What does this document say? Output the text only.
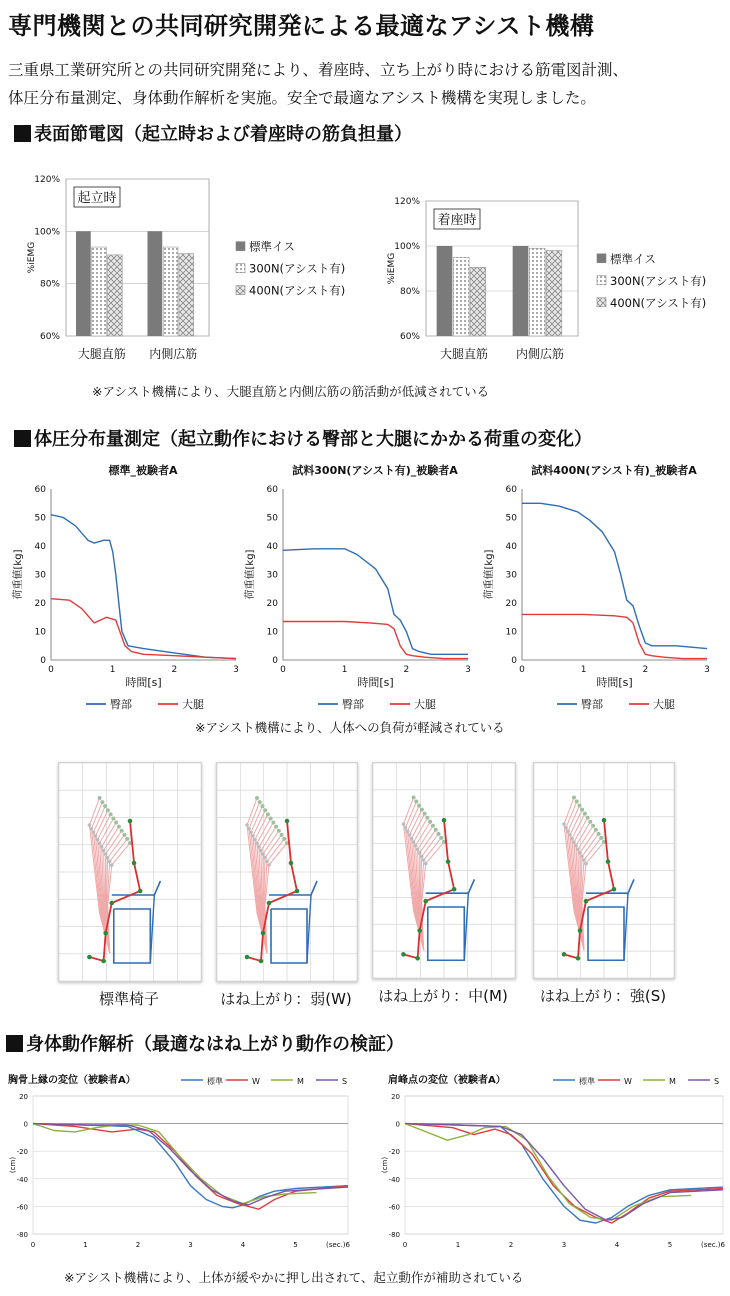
専門機関との共同研究開発による最適なアシスト機構
三重県工業研究所との共同研究開発により、着座時、立ち上がり時における筋電図計測、
体圧分布量測定、身体動作解析を実施。安全で最適なアシスト機構を実現しました。
表面節電図（起立時および着座時の筋負担量）
60%
80%
100%
120%
%iEMG
起立時
大腿直筋 内側広筋
標準イス
300N(アシスト有)
400N(アシスト有)
60%
80%
100%
120%
%iEMG
着座時
大腿直筋 内側広筋
標準イス
300N(アシスト有)
400N(アシスト有)
※アシスト機構により、大腿直筋と内側広筋の筋活動が低減されている
体圧分布量測定（起立動作における臀部と大腿にかかる荷重の変化）
標準_被験者A
0
10
20
30
40
50
60
0	1	2	3
時間[s]
荷重値[kg]
臀部	大腿
試料300N(アシスト有)_被験者A
0
10
20
30
40
50
60
0	1	2	3
時間[s]
荷重値[kg]
臀部	大腿
試料400N(アシスト有)_被験者A
0
10
20
30
40
50
60
0	1	2	3
時間[s]
荷重値[kg]
臀部	大腿
※アシスト機構により、人体への負荷が軽減されている
標準椅子	はね上がり：弱(W)	はね上がり：中(M)	はね上がり：強(S)
身体動作解析（最適なはね上がり動作の検証）
胸骨上縁の変位（被験者A）
20
0
-20
-40
-60
-80
0	1	2	3	4	5	(sec.)6
(cm)
標準	W	M	S	肩峰点の変位（被験者A）
20
0
-20
-40
-60
-80
0	1	2	3	4	5	(sec.)6
(cm)
標準	W	M	S
※アシスト機構により、上体が緩やかに押し出されて、起立動作が補助されている
